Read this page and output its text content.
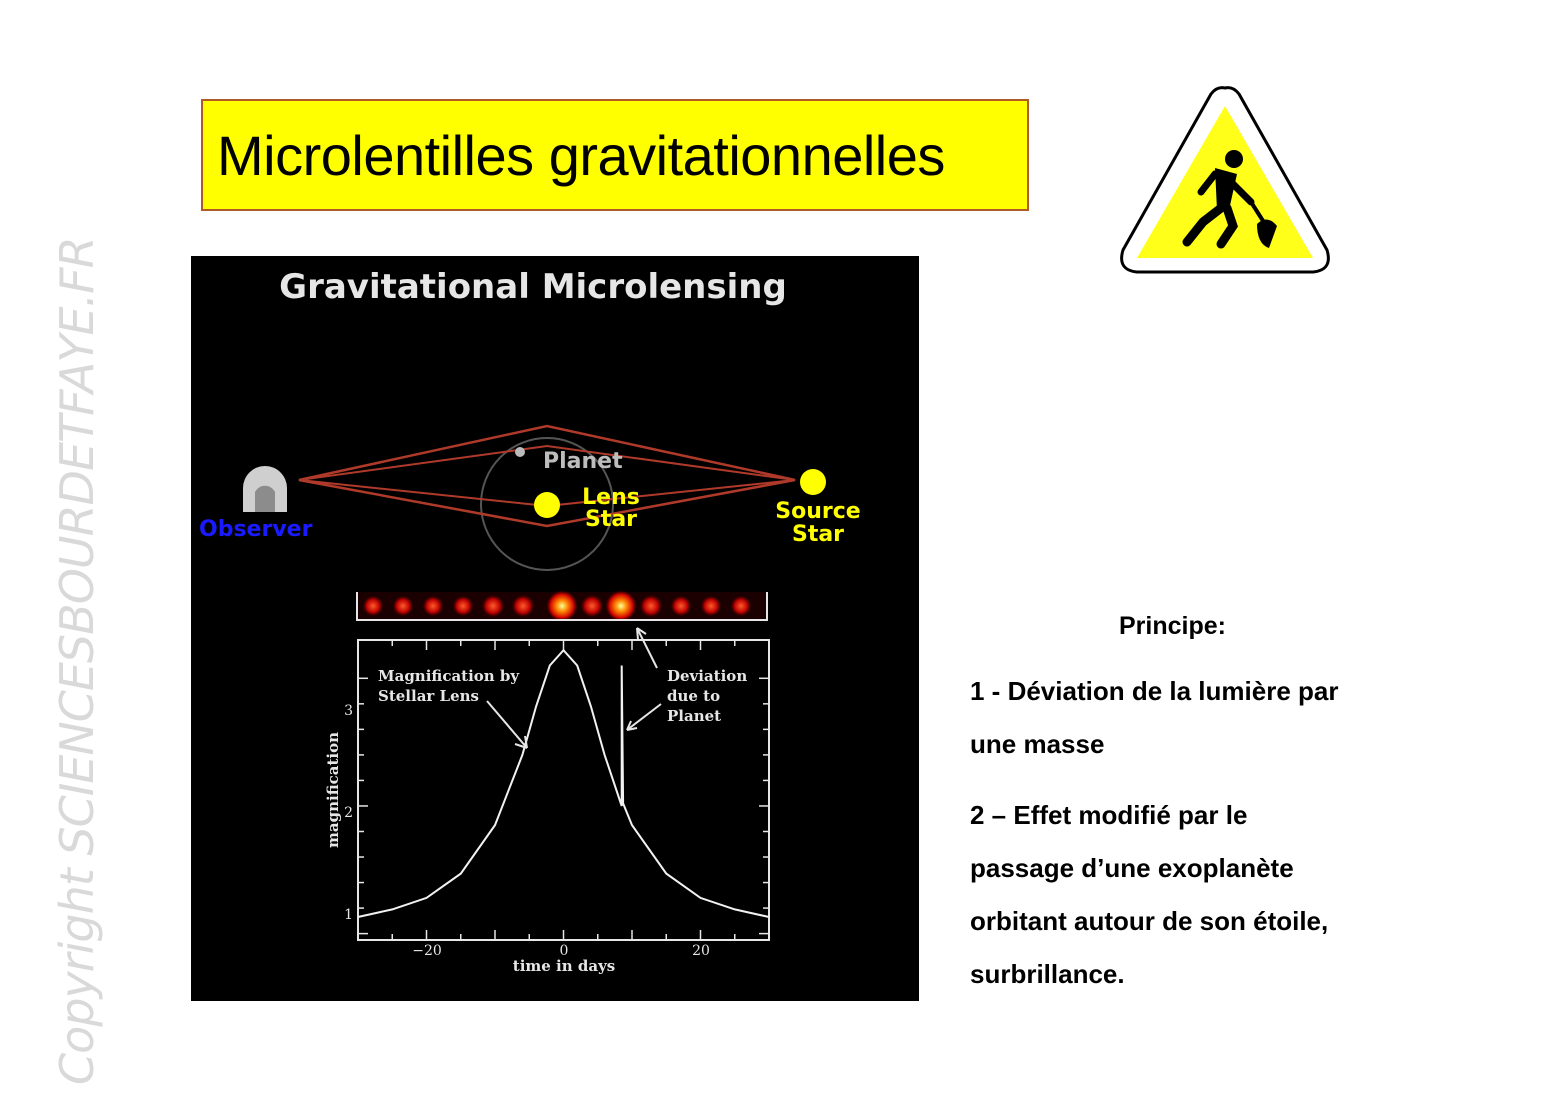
Microlentilles gravitationnelles
Copyright SCIENCESBOURDETFAYE.FR	Gravitational Microlensing
Observer
Planet
Lens
Star	Source
Star
−20	0	20
1
2
3
time in days
magnification
Magnification by
Stellar Lens
Deviation
due to
Planet
Principe:
1 - Déviation de la lumière par
une masse
2 – Effet modifié par le
passage d’une exoplanète
orbitant autour de son étoile,
surbrillance.
